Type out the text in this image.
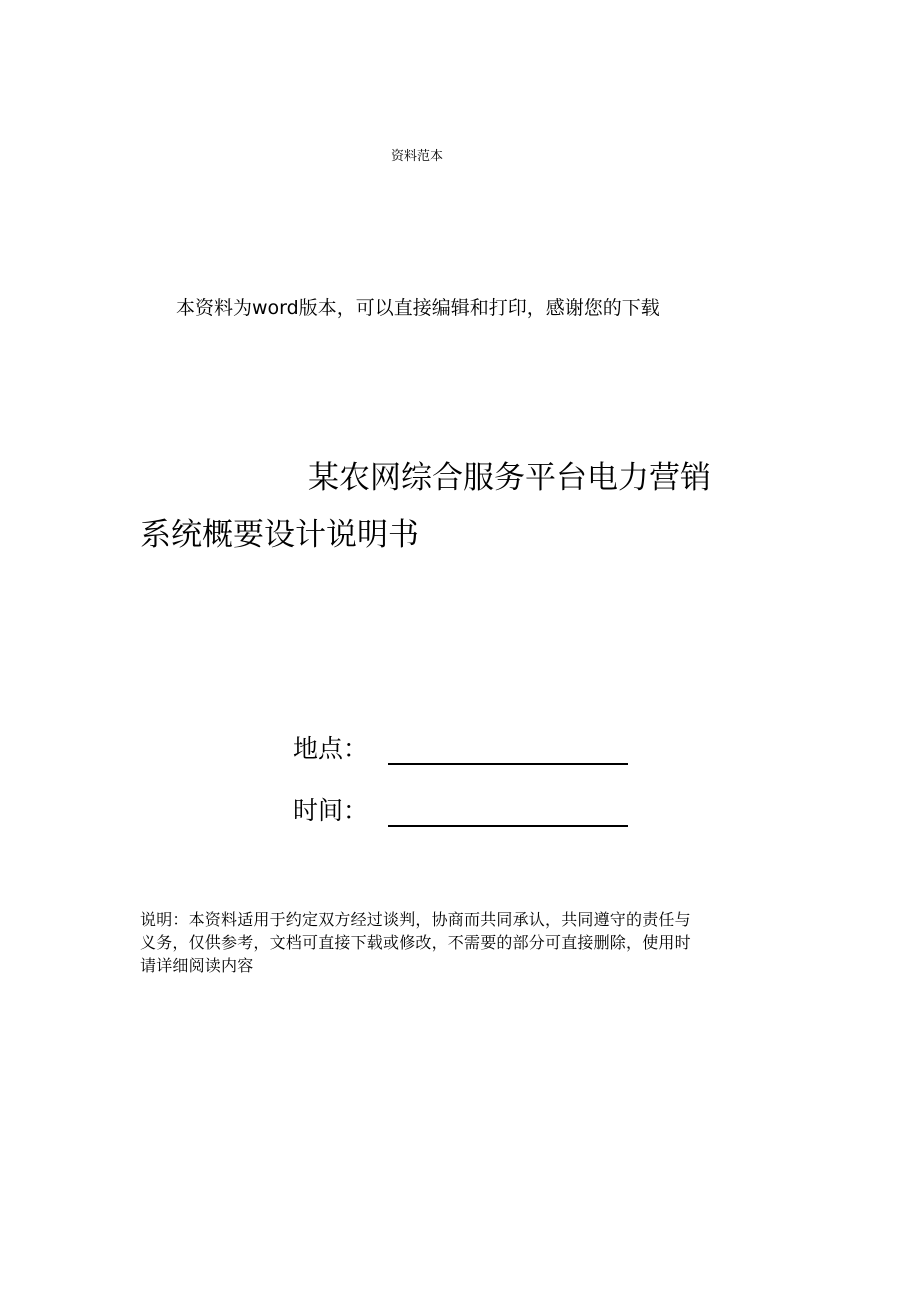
资料范本
本资料为word版本，可以直接编辑和打印，感谢您的下载
某农网综合服务平台电力营销
系统概要设计说明书
地点：
时间：
说明：本资料适用于约定双方经过谈判，协商而共同承认，共同遵守的责任与
义务，仅供参考，文档可直接下载或修改，不需要的部分可直接删除，使用时
请详细阅读内容
